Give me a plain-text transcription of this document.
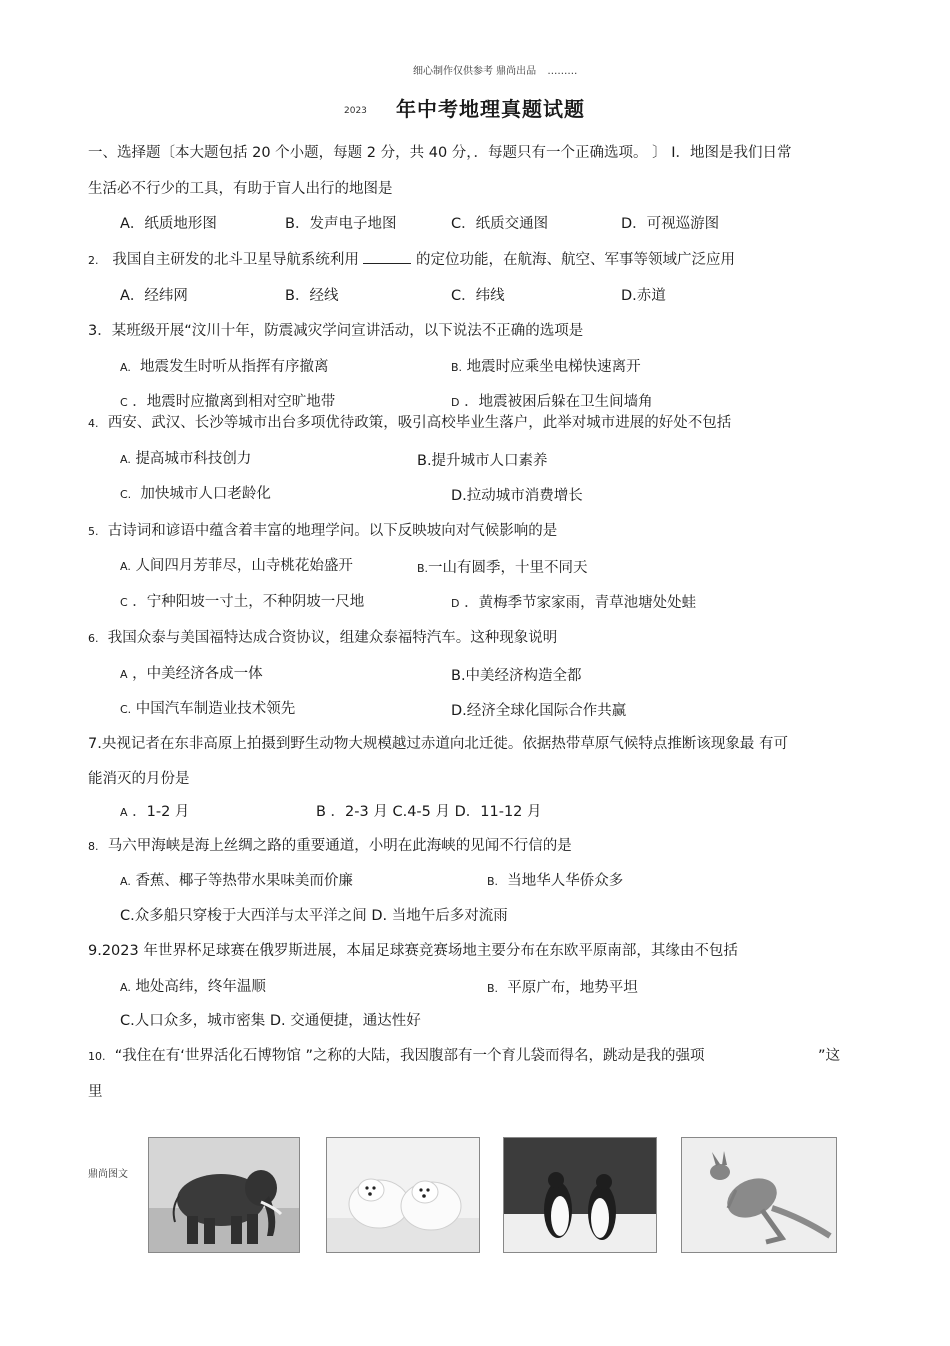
细心制作仅供参考 鼎尚出品 ………
2023 年中考地理真题试题
一、选择题〔本大题包括 20 个小题，每题 2 分，共 40 分，．每题只有一个正确选项。 〕 I．地图是我们日常
生活必不行少的工具，有助于盲人出行的地图是
A．纸质地形图	B．发声电子地图	C．纸质交通图	D．可视巡游图
2. 我国自主研发的北斗卫星导航系统利用	的定位功能，在航海、航空、军事等领域广泛应用
A．经纬网	B．经线	C．纬线	D.赤道
3．某班级开展“汶川十年，防震减灾学问宣讲活动，以下说法不正确的选项是
A. 地震发生时听从指挥有序撤离	B. 地震时应乘坐电梯快速离开
C ．地震时应撤离到相对空旷地带	D ．地震被困后躲在卫生间墙角
4. 西安、武汉、长沙等城市出台多项优待政策，吸引高校毕业生落户，此举对城市进展的好处不包括
A. 提高城市科技创力	B.提升城市人口素养
C. 加快城市人口老龄化	D.拉动城市消费增长
5. 古诗词和谚语中蕴含着丰富的地理学问。以下反映坡向对气候影响的是
A. 人间四月芳菲尽，山寺桃花始盛开	B.一山有圆季，十里不同天
C ．宁种阳坡一寸土，不种阴坡一尺地	D ．黄梅季节家家雨，青草池塘处处蛙
6. 我国众泰与美国福特达成合资协议，组建众泰福特汽车。这种现象说明
A ，中美经济各成一体	B.中美经济构造全都
C. 中国汽车制造业技术领先	D.经济全球化国际合作共赢
7.央视记者在东非高原上拍摄到野生动物大规模越过赤道向北迁徙。依据热带草原气候特点推断该现象最 有可
能消灭的月份是
A ．1-2 月	B ．2-3 月 C.4-5 月 D．11-12 月
8. 马六甲海峡是海上丝绸之路的重要通道，小明在此海峡的见闻不行信的是
A. 香蕉、椰子等热带水果味美而价廉	B. 当地华人华侨众多
C.众多船只穿梭于大西洋与太平洋之间 D. 当地午后多对流雨
9.2023 年世界杯足球赛在俄罗斯进展，本届足球赛竞赛场地主要分布在东欧平原南部，其缘由不包括
A. 地处高纬，终年温顺	B. 平原广布，地势平坦
C.人口众多，城市密集 D. 交通便捷，通达性好
10. “我住在有‘世界活化石博物馆 ”之称的大陆，我因腹部有一个育儿袋而得名，跳动是我的强项	”这
里
鼎尚图文
